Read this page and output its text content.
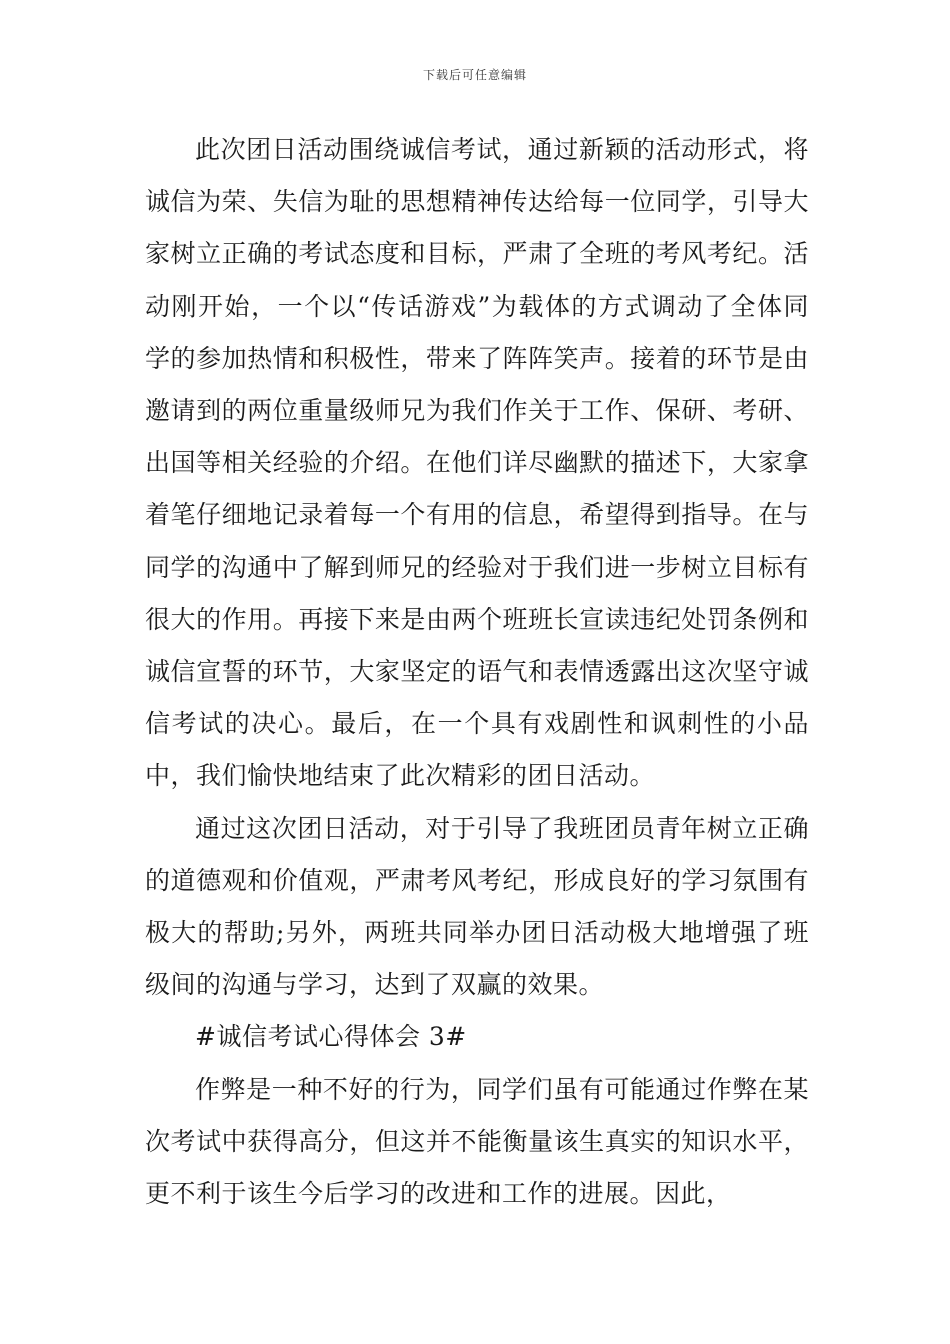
下载后可任意编辑

此次团日活动围绕诚信考试，通过新颖的活动形式，将诚信为荣、失信为耻的思想精神传达给每一位同学，引导大家树立正确的考试态度和目标，严肃了全班的考风考纪。活动刚开始，一个以“传话游戏”为载体的方式调动了全体同学的参加热情和积极性，带来了阵阵笑声。接着的环节是由邀请到的两位重量级师兄为我们作关于工作、保研、考研、出国等相关经验的介绍。在他们详尽幽默的描述下，大家拿着笔仔细地记录着每一个有用的信息，希望得到指导。在与同学的沟通中了解到师兄的经验对于我们进一步树立目标有很大的作用。再接下来是由两个班班长宣读违纪处罚条例和诚信宣誓的环节，大家坚定的语气和表情透露出这次坚守诚信考试的决心。最后，在一个具有戏剧性和讽刺性的小品中，我们愉快地结束了此次精彩的团日活动。

通过这次团日活动，对于引导了我班团员青年树立正确的道德观和价值观，严肃考风考纪，形成良好的学习氛围有极大的帮助;另外，两班共同举办团日活动极大地增强了班级间的沟通与学习，达到了双赢的效果。

#诚信考试心得体会 3#

作弊是一种不好的行为，同学们虽有可能通过作弊在某次考试中获得高分，但这并不能衡量该生真实的知识水平，更不利于该生今后学习的改进和工作的进展。因此，
